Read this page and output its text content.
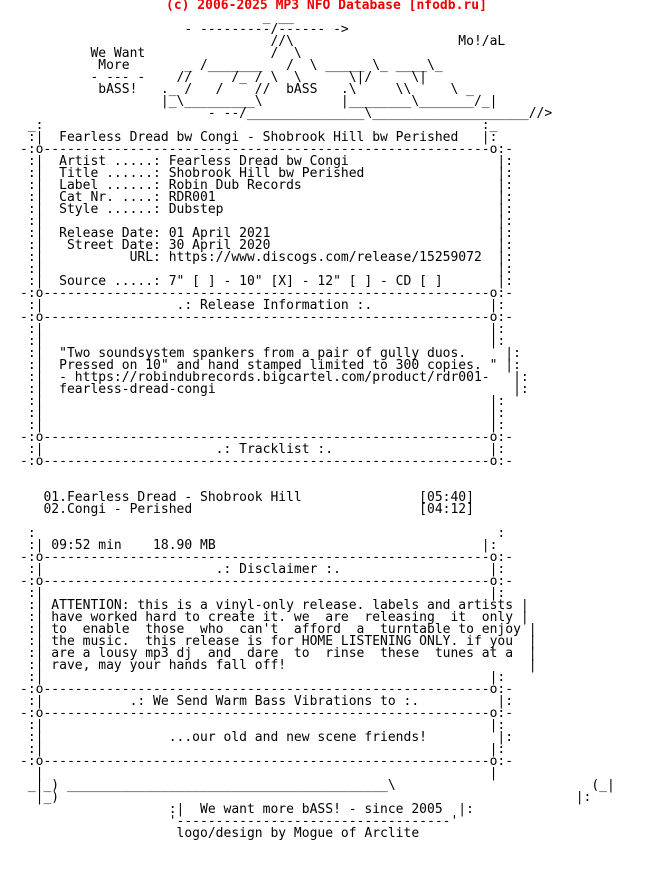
(c) 2006-2025 MP3 NFO Database [nfodb.ru]
_ __
- ---------/------ ->
//\                     Mo!/aL
We Want                /  \
More       _ /_______   /  \ _____ \_ ____\_
- --- -    //     /_ / \  \      \|/     \|
bASS!   ._ /   /    //  bASS   .\     \\     \ _
|_\_________\          |________\_______/_|
- --/_______________\____________________//>
_:                                                        :_
:|  Fearless Dread bw Congi - Shobrook Hill bw Perished   |:
-:o---------------------------------------------------------o:-
:|  Artist .....: Fearless Dread bw Congi                   |:
:|  Title ......: Shobrook Hill bw Perished                 |:
:|  Label ......: Robin Dub Records                         |:
:|  Cat Nr. ....: RDR001                                    |:
:|  Style ......: Dubstep                                   |:
:|                                                          |:
:|  Release Date: 01 April 2021                             |:
:|   Street Date: 30 April 2020                             |:
:|           URL: https://www.discogs.com/release/15259072  |:
:|                                                          |:
:|  Source .....: 7" [ ] - 10" [X] - 12" [ ] - CD [ ]       |:
-:o---------------------------------------------------------o:-
:|                 .: Release Information :.               |:
-:o---------------------------------------------------------o:-
:|                                                         |:
:|                                                         |:
:|  "Two soundsystem spankers from a pair of gully duos.     |:
:|  Pressed on 10" and hand stamped limited to 300 copies. " |:
:|  - https://robindubrecords.bigcartel.com/product/rdr001-   |:
:|  fearless-dread-congi                                      |:
:|                                                         |:
:|                                                         |:
:|                                                         |:
-:o---------------------------------------------------------o:-
:|                      .: Tracklist :.                    |:
-:o---------------------------------------------------------o:-
01.Fearless Dread - Shobrook Hill               [05:40]
02.Congi - Perished                             [04:12]
:                                                           :
:| 09:52 min    18.90 MB                                  |:
-:o---------------------------------------------------------o:-
:|                      .: Disclaimer :.                   |:
-:o---------------------------------------------------------o:-
:|                                                         |:
:| ATTENTION: this is a vinyl-only release. labels and artists |
:| have worked hard to create it. we  are  releasing  it  only |
:| to  enable  those  who  can't  afford  a  turntable to enjoy |
:| the music.  this release is for HOME LISTENING ONLY. if you  |
:| are a lousy mp3 dj  and  dare  to  rinse  these  tunes at a  |
:| rave, may your hands fall off!                               |
:|                                                         |:
-:o---------------------------------------------------------o:-
:|           .: We Send Warm Bass Vibrations to :.          |:
-:o---------------------------------------------------------o:-
:|                                                         |:
:|                ...our old and new scene friends!         |:
:|                                                         |:
-:o---------------------------------------------------------o:-
|                                                         |
_|_) _________________________________________\                         (_|
|_)                                                                  |:
:|  We want more bASS! - since 2005  |:
'-----------------------------------'
logo/design by Mogue of Arclite
